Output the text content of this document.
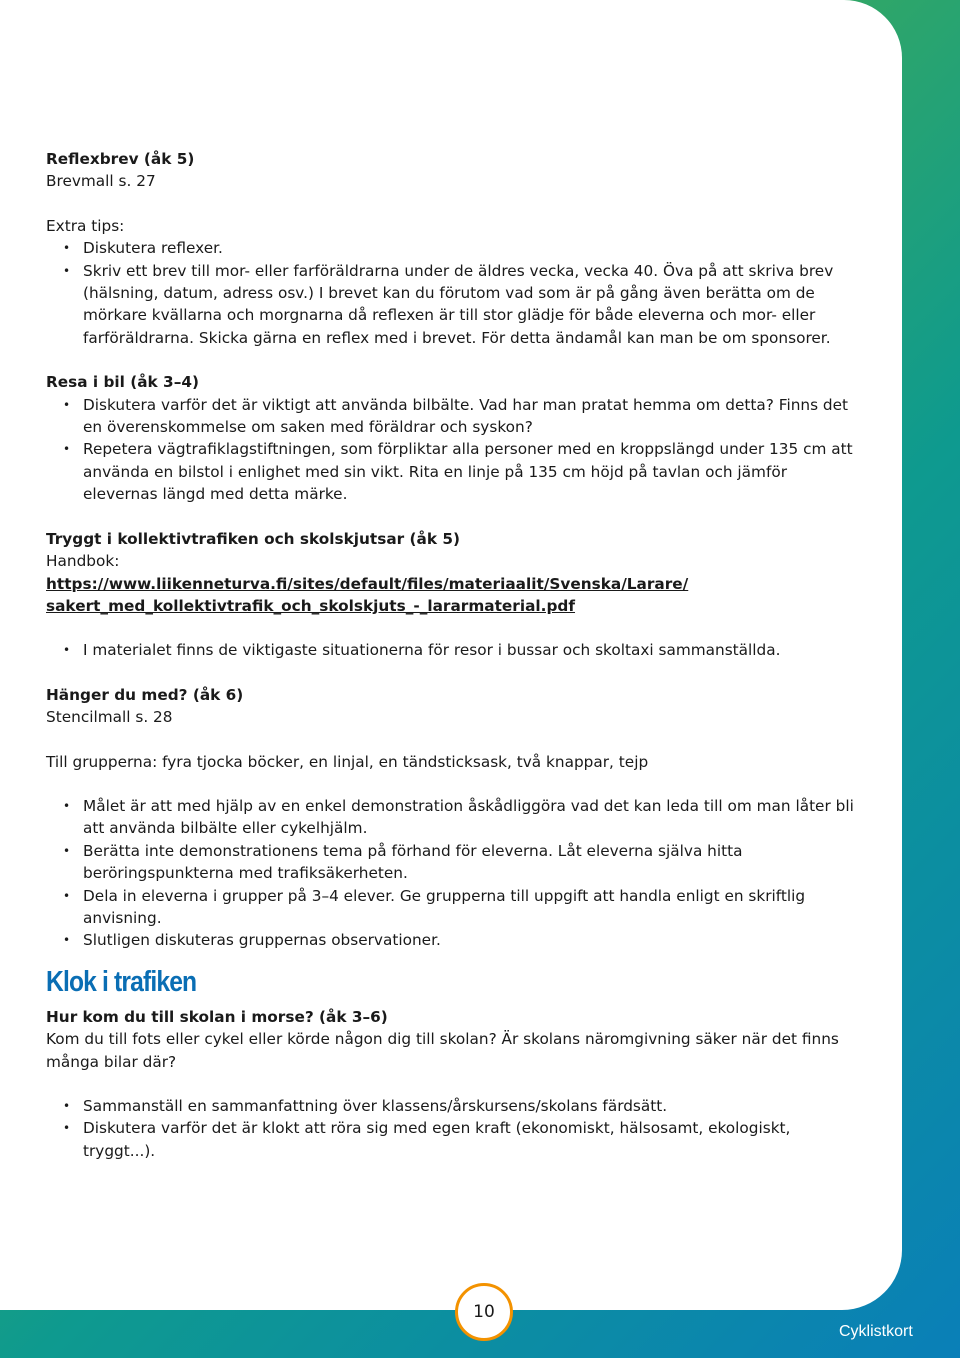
Reflexbrev (åk 5)

Brevmall s. 27

Extra tips:

• Diskutera reflexer.
• Skriv ett brev till mor- eller farföräldrarna under de äldres vecka, vecka 40. Öva på att skriva brev (hälsning, datum, adress osv.) I brevet kan du förutom vad som är på gång även berätta om de mörkare kvällarna och morgnarna då reflexen är till stor glädje för både eleverna och mor- eller farföräldrarna. Skicka gärna en reflex med i brevet. För detta ändamål kan man be om sponsorer.

Resa i bil (åk 3–4)

• Diskutera varför det är viktigt att använda bilbälte. Vad har man pratat hemma om detta? Finns det en överenskommelse om saken med föräldrar och syskon?
• Repetera vägtrafiklagstiftningen, som förpliktar alla personer med en kroppslängd under 135 cm att använda en bilstol i enlighet med sin vikt. Rita en linje på 135 cm höjd på tavlan och jämför elevernas längd med detta märke.

Tryggt i kollektivtrafiken och skolskjutsar (åk 5)

Handbok:

https://www.liikenneturva.fi/sites/default/files/materiaalit/Svenska/Larare/
sakert_med_kollektivtrafik_och_skolskjuts_-_lararmaterial.pdf
• I materialet finns de viktigaste situationerna för resor i bussar och skoltaxi sammanställda.

Hänger du med? (åk 6)

Stencilmall s. 28

Till grupperna: fyra tjocka böcker, en linjal, en tändsticksask, två knappar, tejp

• Målet är att med hjälp av en enkel demonstration åskådliggöra vad det kan leda till om man låter bli att använda bilbälte eller cykelhjälm.
• Berätta inte demonstrationens tema på förhand för eleverna. Låt eleverna själva hitta beröringspunkterna med trafiksäkerheten.
• Dela in eleverna i grupper på 3–4 elever. Ge grupperna till uppgift att handla enligt en skriftlig anvisning.
• Slutligen diskuteras gruppernas observationer.

Klok i trafiken

Hur kom du till skolan i morse? (åk 3–6)

Kom du till fots eller cykel eller körde någon dig till skolan? Är skolans näromgivning säker när det finns många bilar där?

• Sammanställ en sammanfattning över klassens/årskursens/skolans färdsätt.
• Diskutera varför det är klokt att röra sig med egen kraft (ekonomiskt, hälsosamt, ekologiskt, tryggt...).
10
Cyklistkort
